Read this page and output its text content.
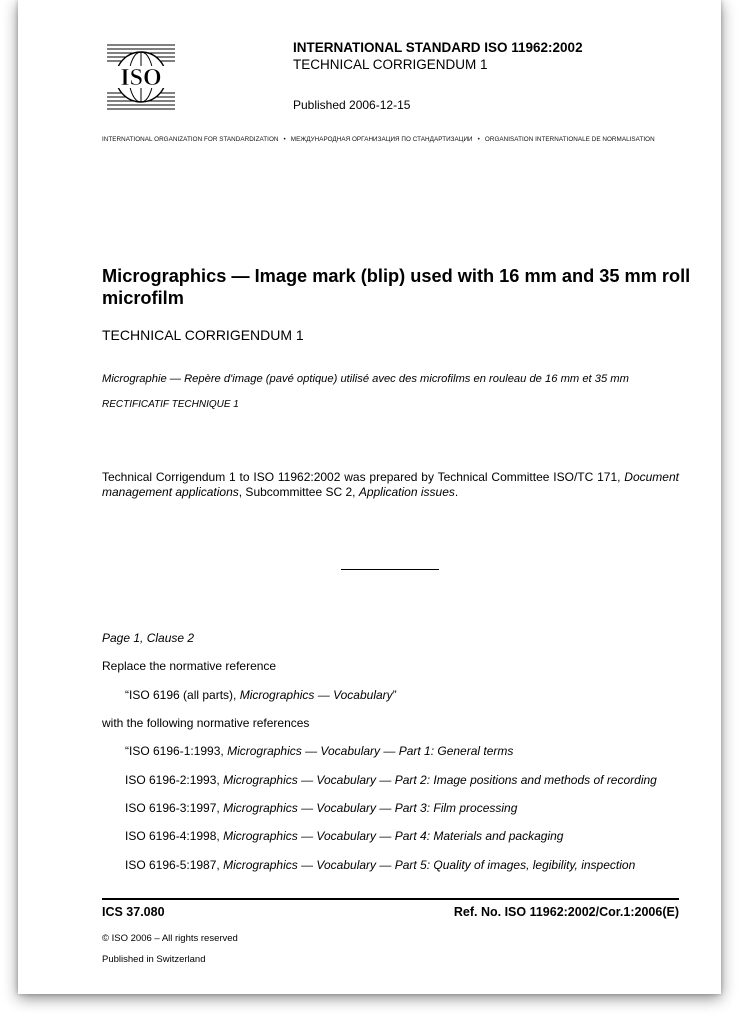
ISO
INTERNATIONAL STANDARD ISO 11962:2002
TECHNICAL CORRIGENDUM 1
Published 2006-12-15
INTERNATIONAL ORGANIZATION FOR STANDARDIZATION • МЕЖДУНАРОДНАЯ ОРГАНИЗАЦИЯ ПО СТАНДАРТИЗАЦИИ • ORGANISATION INTERNATIONALE DE NORMALISATION
Micrographics — Image mark (blip) used with 16 mm and 35 mm roll microfilm
TECHNICAL CORRIGENDUM 1
Micrographie — Repère d'image (pavé optique) utilisé avec des microfilms en rouleau de 16 mm et 35 mm
RECTIFICATIF TECHNIQUE 1
Technical Corrigendum 1 to ISO 11962:2002 was prepared by Technical Committee ISO/TC 171, Document management applications, Subcommittee SC 2, Application issues.
Page 1, Clause 2
Replace the normative reference
“ISO 6196 (all parts), Micrographics — Vocabulary”
with the following normative references
“ISO 6196-1:1993, Micrographics — Vocabulary — Part 1: General terms
ISO 6196-2:1993, Micrographics — Vocabulary — Part 2: Image positions and methods of recording
ISO 6196-3:1997, Micrographics — Vocabulary — Part 3: Film processing
ISO 6196-4:1998, Micrographics — Vocabulary — Part 4: Materials and packaging
ISO 6196-5:1987, Micrographics — Vocabulary — Part 5: Quality of images, legibility, inspection
ICS 37.080	Ref. No. ISO 11962:2002/Cor.1:2006(E)
© ISO 2006 – All rights reserved
Published in Switzerland
